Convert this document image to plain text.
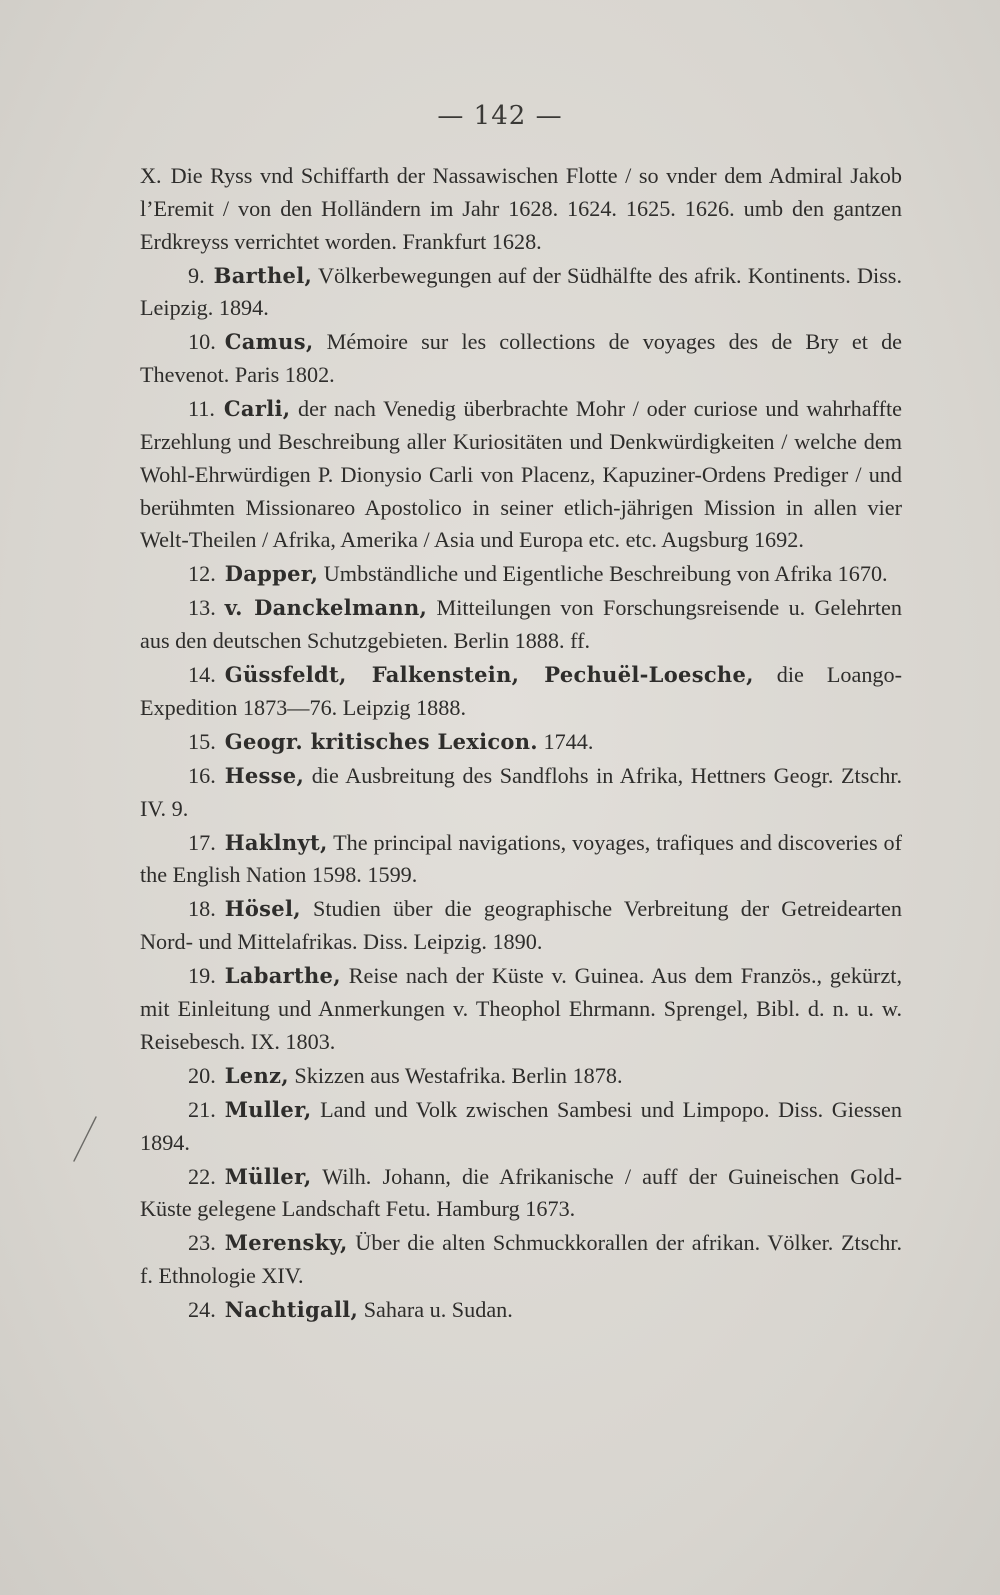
— 142 —

X. Die Ryss vnd Schiffarth der Nassawischen Flotte / so vnder dem Admiral Jakob l’Eremit / von den Holländern im Jahr 1628. 1624. 1625. 1626. umb den gantzen Erdkreyss verrichtet worden. Frankfurt 1628.

9. Barthel, Völkerbewegungen auf der Südhälfte des afrik. Kontinents. Diss. Leipzig. 1894.

10. Camus, Mémoire sur les collections de voyages des de Bry et de Thevenot. Paris 1802.

11. Carli, der nach Venedig überbrachte Mohr / oder curiose und wahrhaffte Erzehlung und Beschreibung aller Kuriositäten und Denkwürdigkeiten / welche dem Wohl-Ehrwürdigen P. Dionysio Carli von Placenz, Kapuziner-Ordens Prediger / und berühmten Missionareo Apostolico in seiner etlich-jährigen Mission in allen vier Welt-Theilen / Afrika, Amerika / Asia und Europa etc. etc. Augsburg 1692.

12. Dapper, Umbständliche und Eigentliche Beschreibung von Afrika 1670.

13. v. Danckelmann, Mitteilungen von Forschungsreisende u. Gelehrten aus den deutschen Schutzgebieten. Berlin 1888. ff.

14. Güssfeldt, Falkenstein, Pechuël-Loesche, die Loango-Expedition 1873—76. Leipzig 1888.

15. Geogr. kritisches Lexicon. 1744.

16. Hesse, die Ausbreitung des Sandflohs in Afrika, Hettners Geogr. Ztschr. IV. 9.

17. Haklnyt, The principal navigations, voyages, trafiques and discoveries of the English Nation 1598. 1599.

18. Hösel, Studien über die geographische Verbreitung der Getreidearten Nord- und Mittelafrikas. Diss. Leipzig. 1890.

19. Labarthe, Reise nach der Küste v. Guinea. Aus dem Französ., gekürzt, mit Einleitung und Anmerkungen v. Theophol Ehrmann. Sprengel, Bibl. d. n. u. w. Reisebesch. IX. 1803.

20. Lenz, Skizzen aus Westafrika. Berlin 1878.

21. Muller, Land und Volk zwischen Sambesi und Limpopo. Diss. Giessen 1894.

22. Müller, Wilh. Johann, die Afrikanische / auff der Guineischen Gold-Küste gelegene Landschaft Fetu. Hamburg 1673.

23. Merensky, Über die alten Schmuckkorallen der afrikan. Völker. Ztschr. f. Ethnologie XIV.

24. Nachtigall, Sahara u. Sudan.
